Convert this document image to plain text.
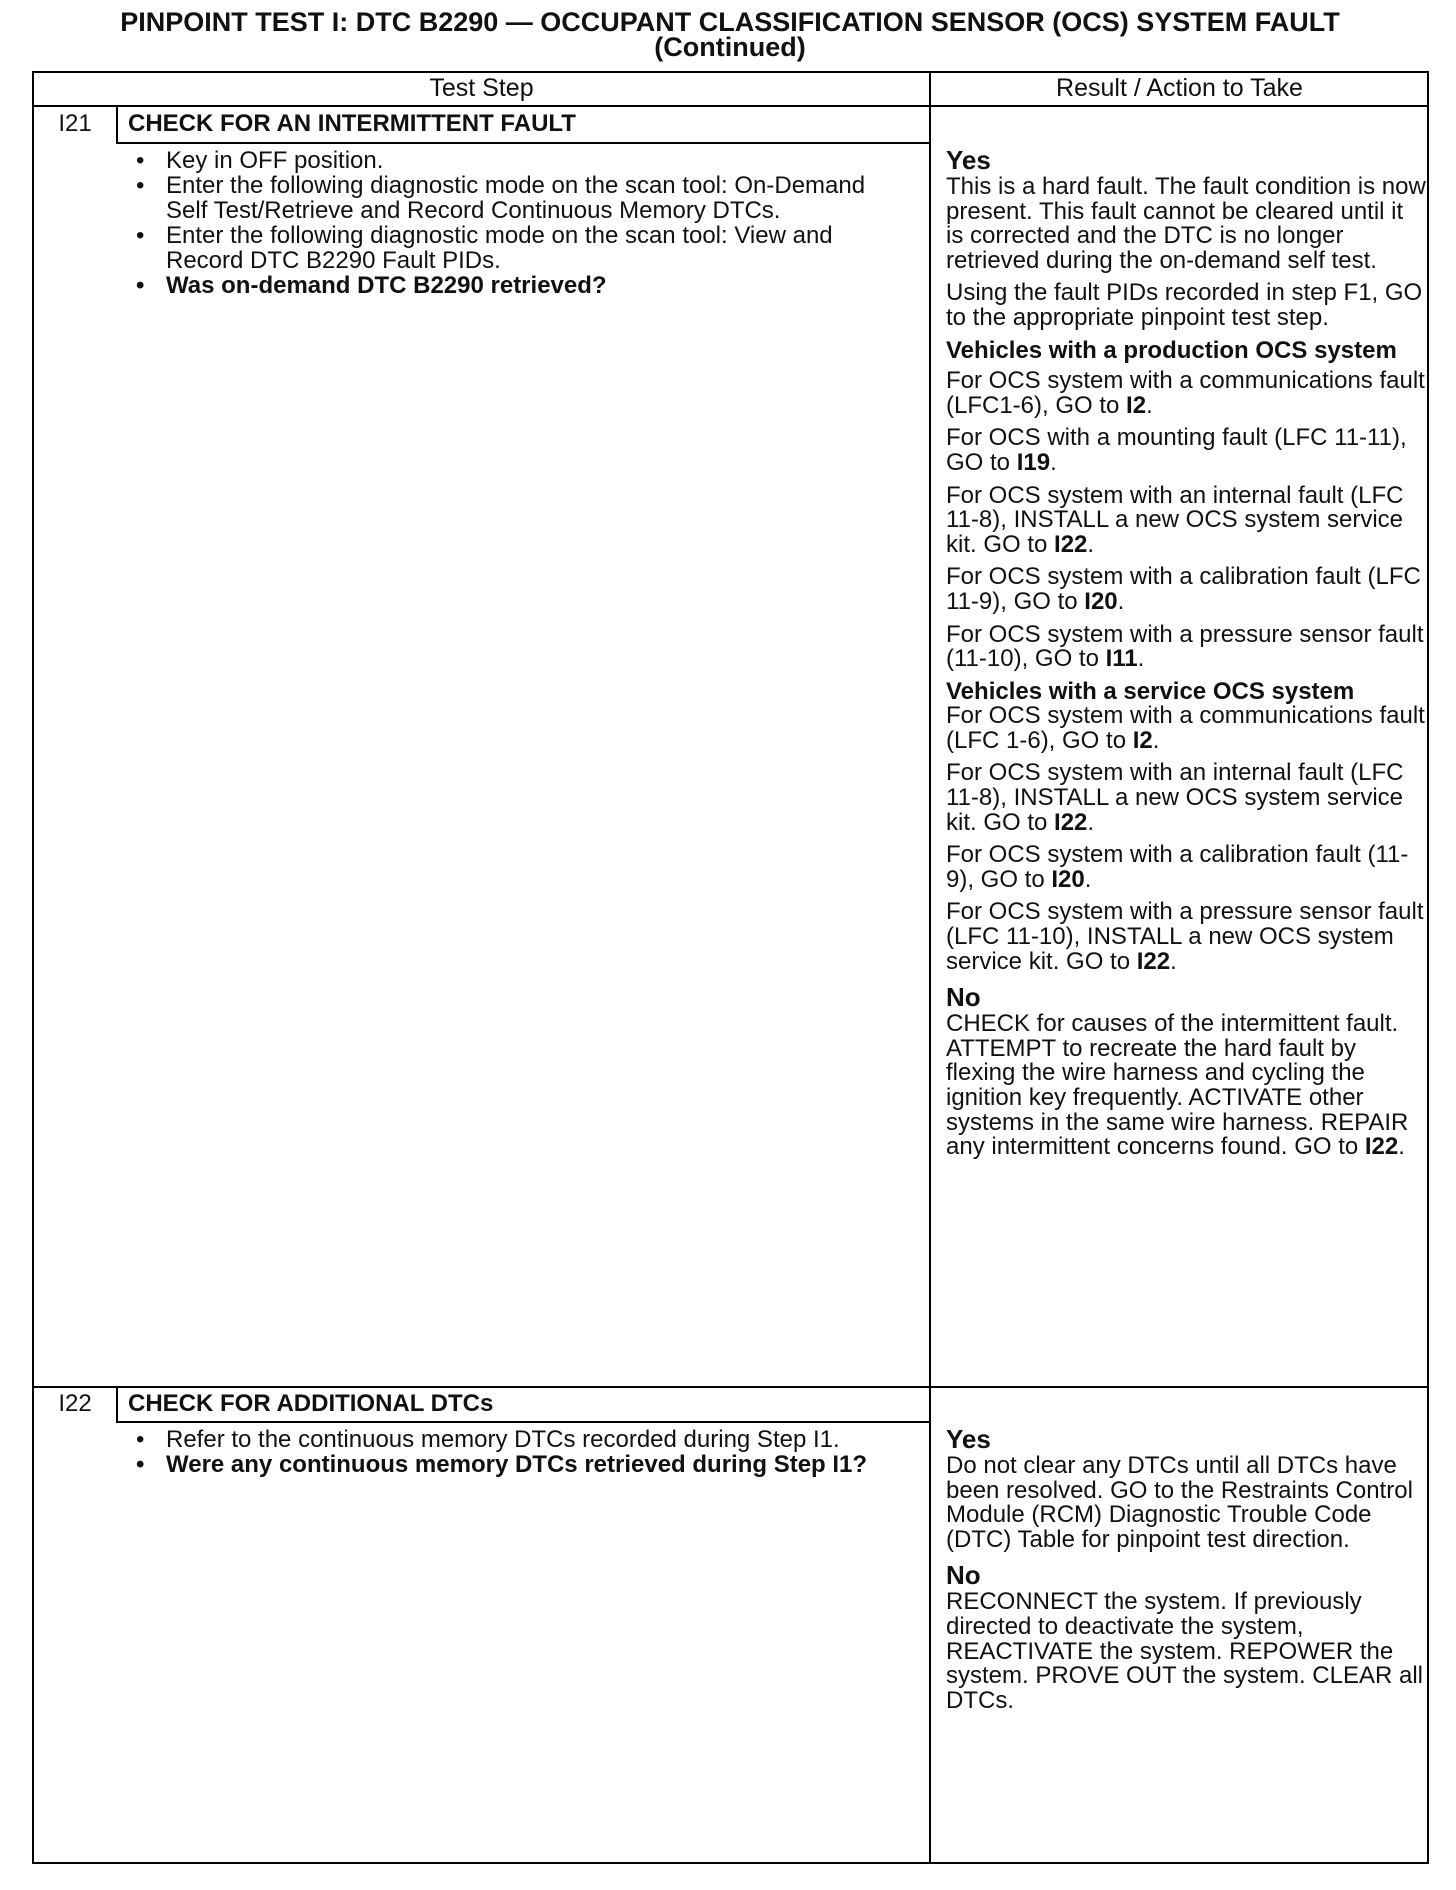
PINPOINT TEST I: DTC B2290 — OCCUPANT CLASSIFICATION SENSOR (OCS) SYSTEM FAULT
(Continued)
Test Step	Result / Action to Take
I21	CHECK FOR AN INTERMITTENT FAULT
• Key in OFF position.
• Enter the following diagnostic mode on the scan tool: On-Demand Self Test/Retrieve and Record Continuous Memory DTCs.
• Enter the following diagnostic mode on the scan tool: View and Record DTC B2290 Fault PIDs.
• Was on-demand DTC B2290 retrieved?

Yes

This is a hard fault. The fault condition is now present. This fault cannot be cleared until it is corrected and the DTC is no longer retrieved during the on-demand self test.

Using the fault PIDs recorded in step F1, GO to the appropriate pinpoint test step.

Vehicles with a production OCS system

For OCS system with a communications fault (LFC1-6), GO to I2.

For OCS with a mounting fault (LFC 11-11), GO to I19.

For OCS system with an internal fault (LFC 11-8), INSTALL a new OCS system service kit. GO to I22.

For OCS system with a calibration fault (LFC 11-9), GO to I20.

For OCS system with a pressure sensor fault (11-10), GO to I11.

Vehicles with a service OCS system

For OCS system with a communications fault (LFC 1-6), GO to I2.

For OCS system with an internal fault (LFC 11-8), INSTALL a new OCS system service kit. GO to I22.

For OCS system with a calibration fault (11-9), GO to I20.

For OCS system with a pressure sensor fault (LFC 11-10), INSTALL a new OCS system service kit. GO to I22.

No

CHECK for causes of the intermittent fault. ATTEMPT to recreate the hard fault by flexing the wire harness and cycling the ignition key frequently. ACTIVATE other systems in the same wire harness. REPAIR any intermittent concerns found. GO to I22.

I22	CHECK FOR ADDITIONAL DTCs
• Refer to the continuous memory DTCs recorded during Step I1.
• Were any continuous memory DTCs retrieved during Step I1?

Yes

Do not clear any DTCs until all DTCs have been resolved. GO to the Restraints Control Module (RCM) Diagnostic Trouble Code (DTC) Table for pinpoint test direction.

No

RECONNECT the system. If previously directed to deactivate the system, REACTIVATE the system. REPOWER the system. PROVE OUT the system. CLEAR all DTCs.
